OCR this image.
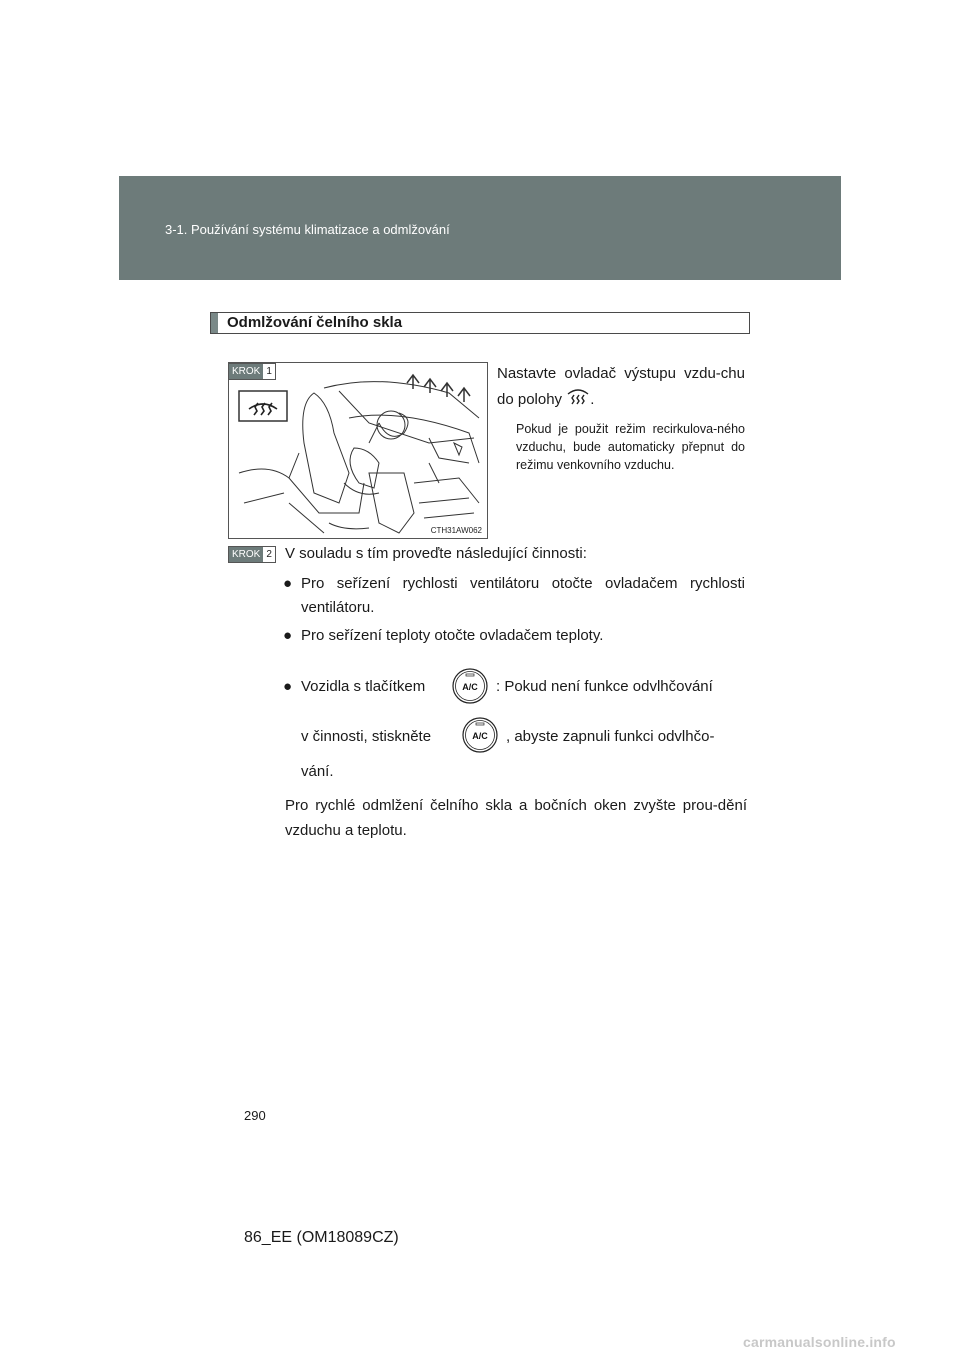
3-1. Používání systému klimatizace a odmlžování
Odmlžování čelního skla
KROK 1
CTH31AW062
Nastavte ovladač výstupu vzdu-chu do polohy .
Pokud je použit režim recirkulova-ného vzduchu, bude automaticky přepnut do režimu venkovního vzduchu.
KROK 2 V souladu s tím proveďte následující činnosti:
● Pro seřízení rychlosti ventilátoru otočte ovladačem rychlosti ventilátoru.
● Pro seřízení teploty otočte ovladačem teploty.
● Vozidla s tlačítkem	A/C : Pokud není funkce odvlhčování
v činnosti, stiskněte	A/C , abyste zapnuli funkci odvlhčo-
vání.
Pro rychlé odmlžení čelního skla a bočních oken zvyšte prou-dění vzduchu a teplotu.
290
86_EE (OM18089CZ)
carmanualsonline.info
